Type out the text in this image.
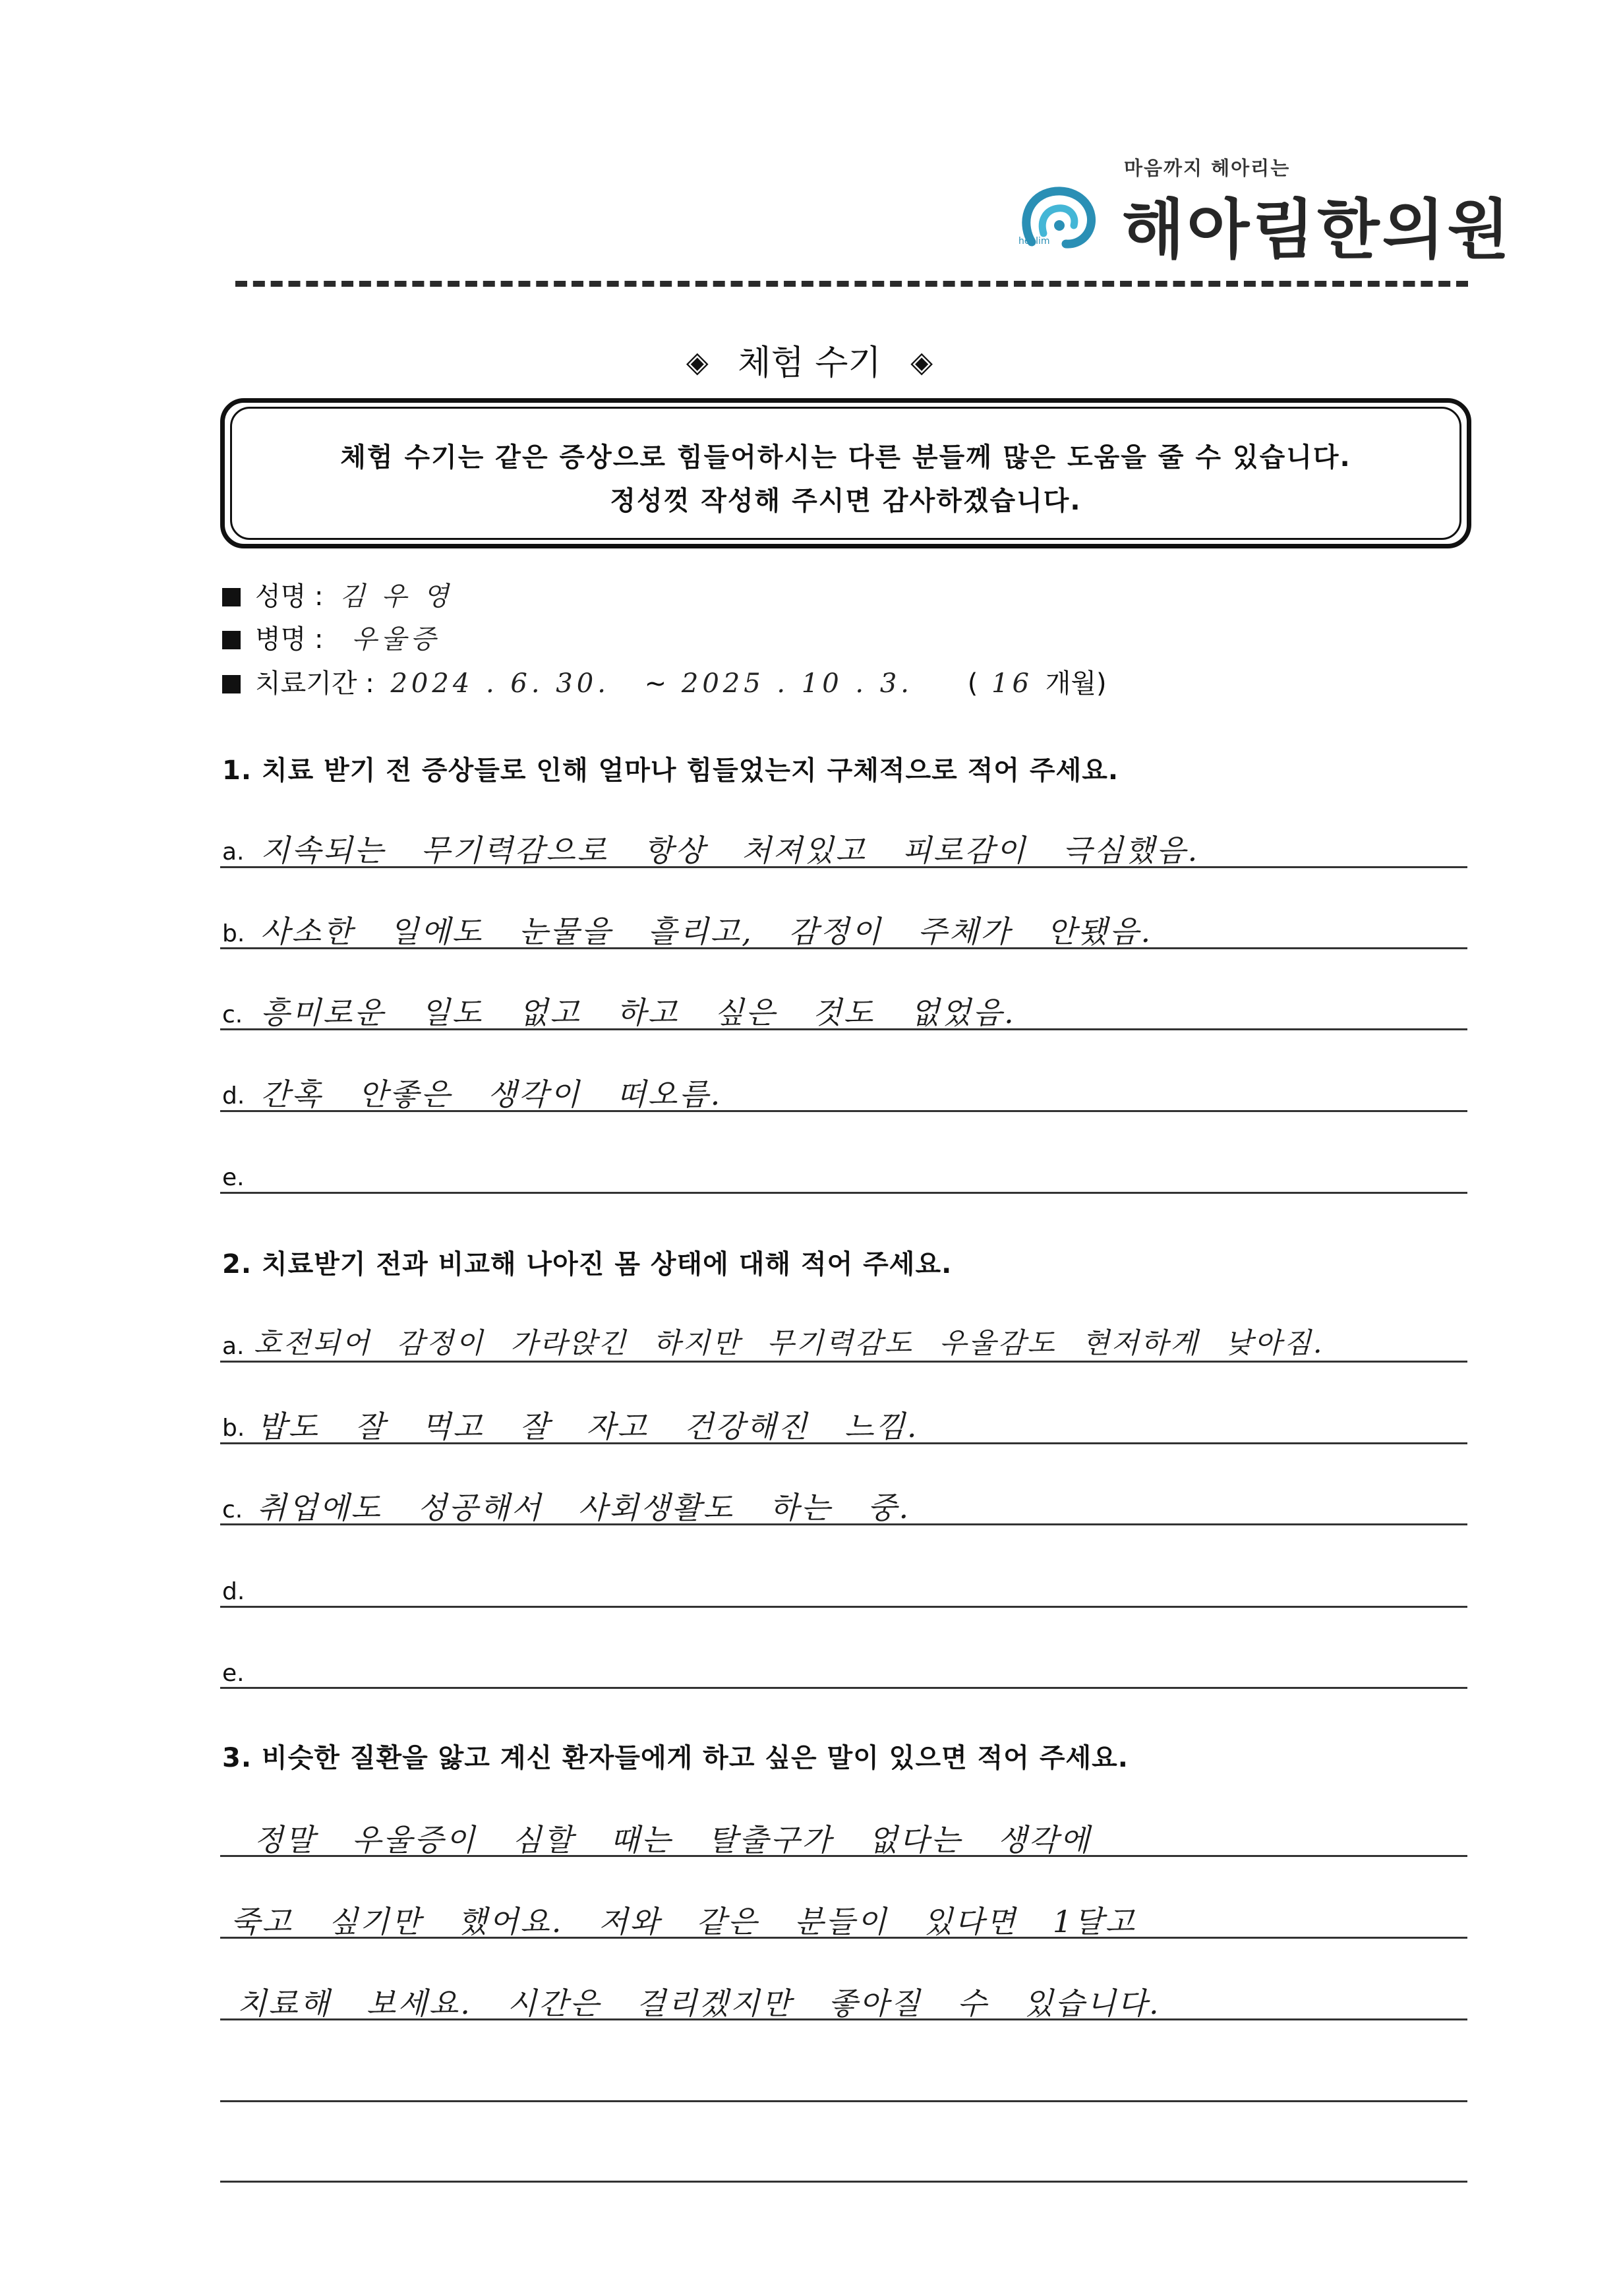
마음까지 헤아리는
healim 해아림한의원
◈ 체험 수기 ◈
체험 수기는 같은 증상으로 힘들어하시는 다른 분들께 많은 도움을 줄 수 있습니다.
정성껏 작성해 주시면 감사하겠습니다.
성명 : 김 우 영
병명 : 우울증
치료기간 : 2024 . 6. 30. ~ 2025 . 10 . 3. ( 16 개월)
1. 치료 받기 전 증상들로 인해 얼마나 힘들었는지 구체적으로 적어 주세요.
a. 지속되는 무기력감으로 항상 처져있고 피로감이 극심했음.
b. 사소한 일에도 눈물을 흘리고, 감정이 주체가 안됐음.
c. 흥미로운 일도 없고 하고 싶은 것도 없었음.
d. 간혹 안좋은 생각이 떠오름.
e.
2. 치료받기 전과 비교해 나아진 몸 상태에 대해 적어 주세요.
a. 호전되어 감정이 가라앉긴 하지만 무기력감도 우울감도 현저하게 낮아짐.
b. 밥도 잘 먹고 잘 자고 건강해진 느낌.
c. 취업에도 성공해서 사회생활도 하는 중.
d.
e.
3. 비슷한 질환을 앓고 계신 환자들에게 하고 싶은 말이 있으면 적어 주세요.
정말 우울증이 심할 때는 탈출구가 없다는 생각에
죽고 싶기만 했어요. 저와 같은 분들이 있다면 1달고
치료해 보세요. 시간은 걸리겠지만 좋아질 수 있습니다.
